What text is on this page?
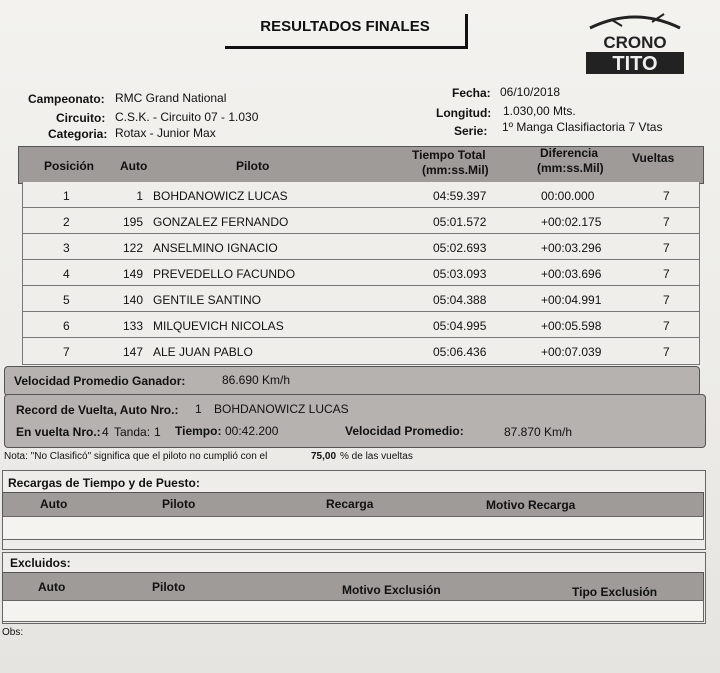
RESULTADOS FINALES
CRONO
TITO
Campeonato: RMC Grand National
Circuito: C.S.K. - Circuito 07 - 1.030
Categoria: Rotax - Junior Max
Fecha: 06/10/2018
Longitud: 1.030,00 Mts.
Serie: 1º Manga Clasifiactoria 7 Vtas
Posición Auto	Piloto
Tiempo Total
(mm:ss.Mil)
Diferencia
(mm:ss.Mil)
Vueltas
1	1 BOHDANOWICZ LUCAS	04:59.397	00:00.000	7
2	195 GONZALEZ FERNANDO	05:01.572	+00:02.175	7
3	122 ANSELMINO IGNACIO	05:02.693	+00:03.296	7
4	149 PREVEDELLO FACUNDO	05:03.093	+00:03.696	7
5	140 GENTILE SANTINO	05:04.388	+00:04.991	7
6	133 MILQUEVICH NICOLAS	05:04.995	+00:05.598	7
7	147 ALE JUAN PABLO	05:06.436	+00:07.039	7
Velocidad Promedio Ganador:	86.690 Km/h
Record de Vuelta, Auto Nro.: 1 BOHDANOWICZ LUCAS
En vuelta Nro.: 4 Tanda: 1 Tiempo: 00:42.200	Velocidad Promedio:	87.870 Km/h
Nota: "No Clasificó" significa que el piloto no cumplió con el	75,00 % de las vueltas
Recargas de Tiempo y de Puesto:
Auto	Piloto	Recarga	Motivo Recarga
Excluidos:
Auto	Piloto	Motivo Exclusión	Tipo Exclusión
Obs:
